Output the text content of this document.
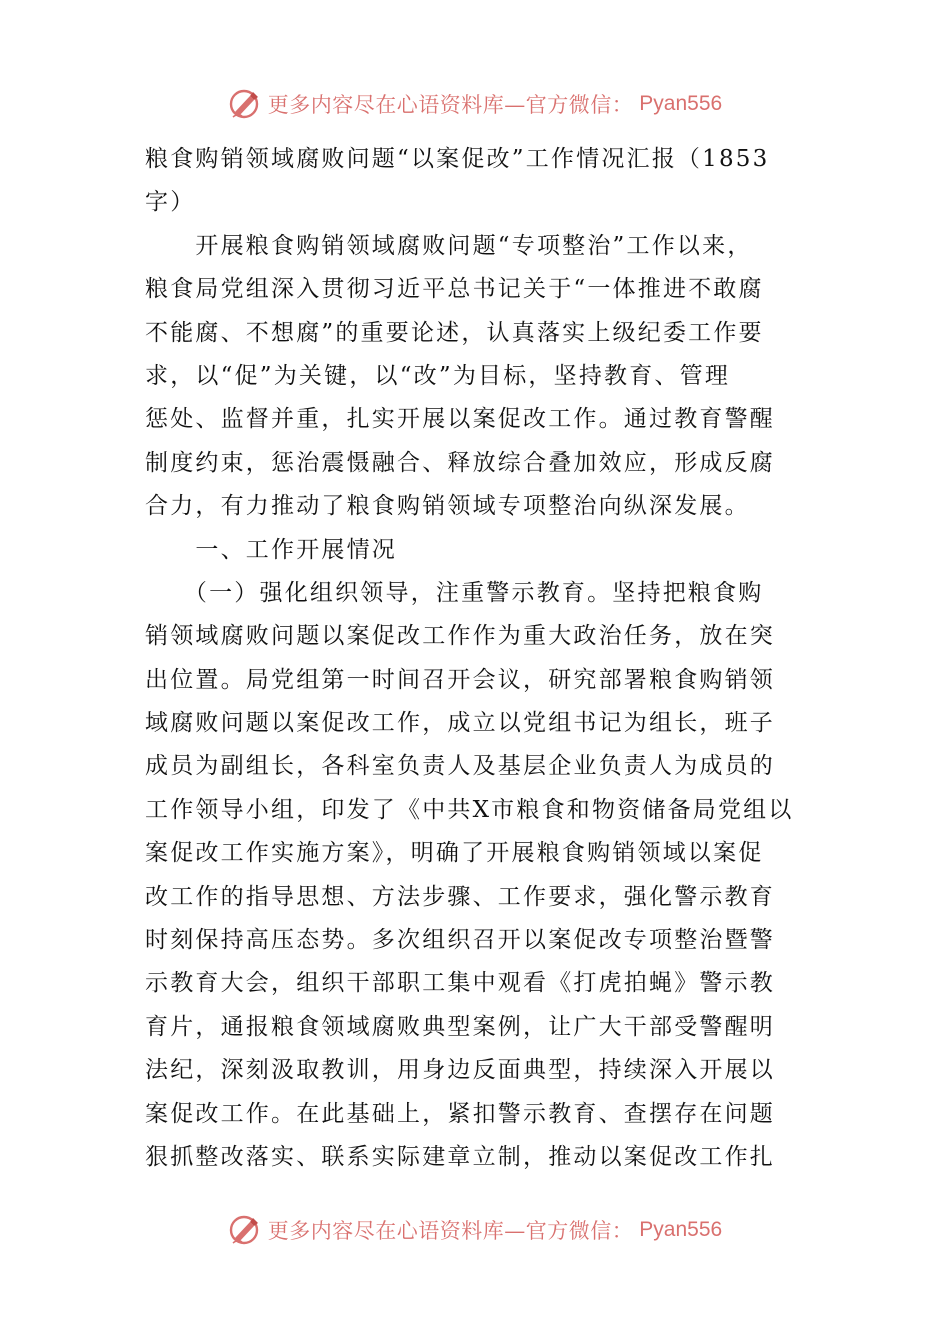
更多内容尽在心语资料库—官方微信： Pyan556
粮食购销领域腐败问题“以案促改”工作情况汇报（1853
字）
　　开展粮食购销领域腐败问题“专项整治”工作以来，
粮食局党组深入贯彻习近平总书记关于“一体推进不敢腐
不能腐、不想腐”的重要论述，认真落实上级纪委工作要
求，以“促”为关键，以“改”为目标，坚持教育、管理
惩处、监督并重，扎实开展以案促改工作。通过教育警醒
制度约束，惩治震慑融合、释放综合叠加效应，形成反腐
合力，有力推动了粮食购销领域专项整治向纵深发展。
　　一、工作开展情况
　　（一）强化组织领导，注重警示教育。坚持把粮食购
销领域腐败问题以案促改工作作为重大政治任务，放在突
出位置。局党组第一时间召开会议，研究部署粮食购销领
域腐败问题以案促改工作，成立以党组书记为组长，班子
成员为副组长，各科室负责人及基层企业负责人为成员的
工作领导小组，印发了《中共X市粮食和物资储备局党组以
案促改工作实施方案》，明确了开展粮食购销领域以案促
改工作的指导思想、方法步骤、工作要求，强化警示教育
时刻保持高压态势。多次组织召开以案促改专项整治暨警
示教育大会，组织干部职工集中观看《打虎拍蝇》警示教
育片，通报粮食领域腐败典型案例，让广大干部受警醒明
法纪，深刻汲取教训，用身边反面典型，持续深入开展以
案促改工作。在此基础上，紧扣警示教育、查摆存在问题
狠抓整改落实、联系实际建章立制，推动以案促改工作扎
更多内容尽在心语资料库—官方微信： Pyan556
